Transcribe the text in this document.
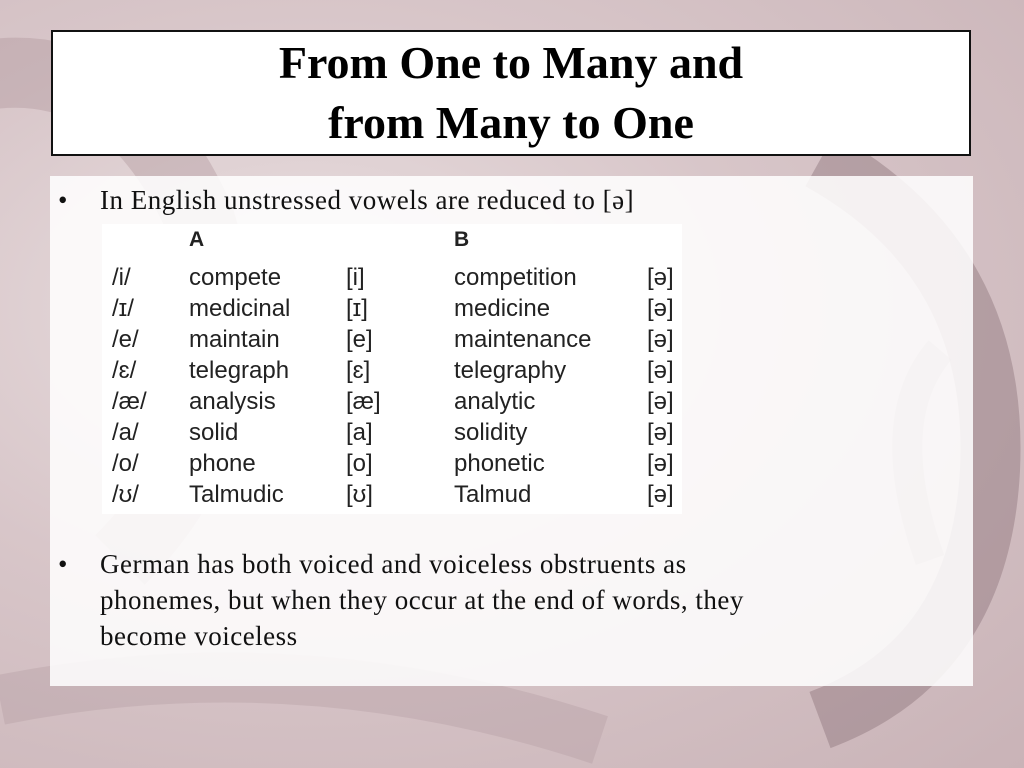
From One to Many and
from Many to One
• In English unstressed vowels are reduced to [ə]
A	B
/i/ compete	[i]	competition	[ə]
/ɪ/ medicinal [ɪ]	medicine	[ə]
/e/ maintain	[e]	maintenance [ə]
/ɛ/ telegraph [ɛ]	telegraphy	[ə]
/æ/ analysis	[æ]	analytic	[ə]
/a/ solid	[a]	solidity	[ə]
/o/ phone	[o]	phonetic	[ə]
/ʊ/ Talmudic	[ʊ]	Talmud	[ə]
•	German has both voiced and voiceless obstruents as
phonemes, but when they occur at the end of words, they
become voiceless
